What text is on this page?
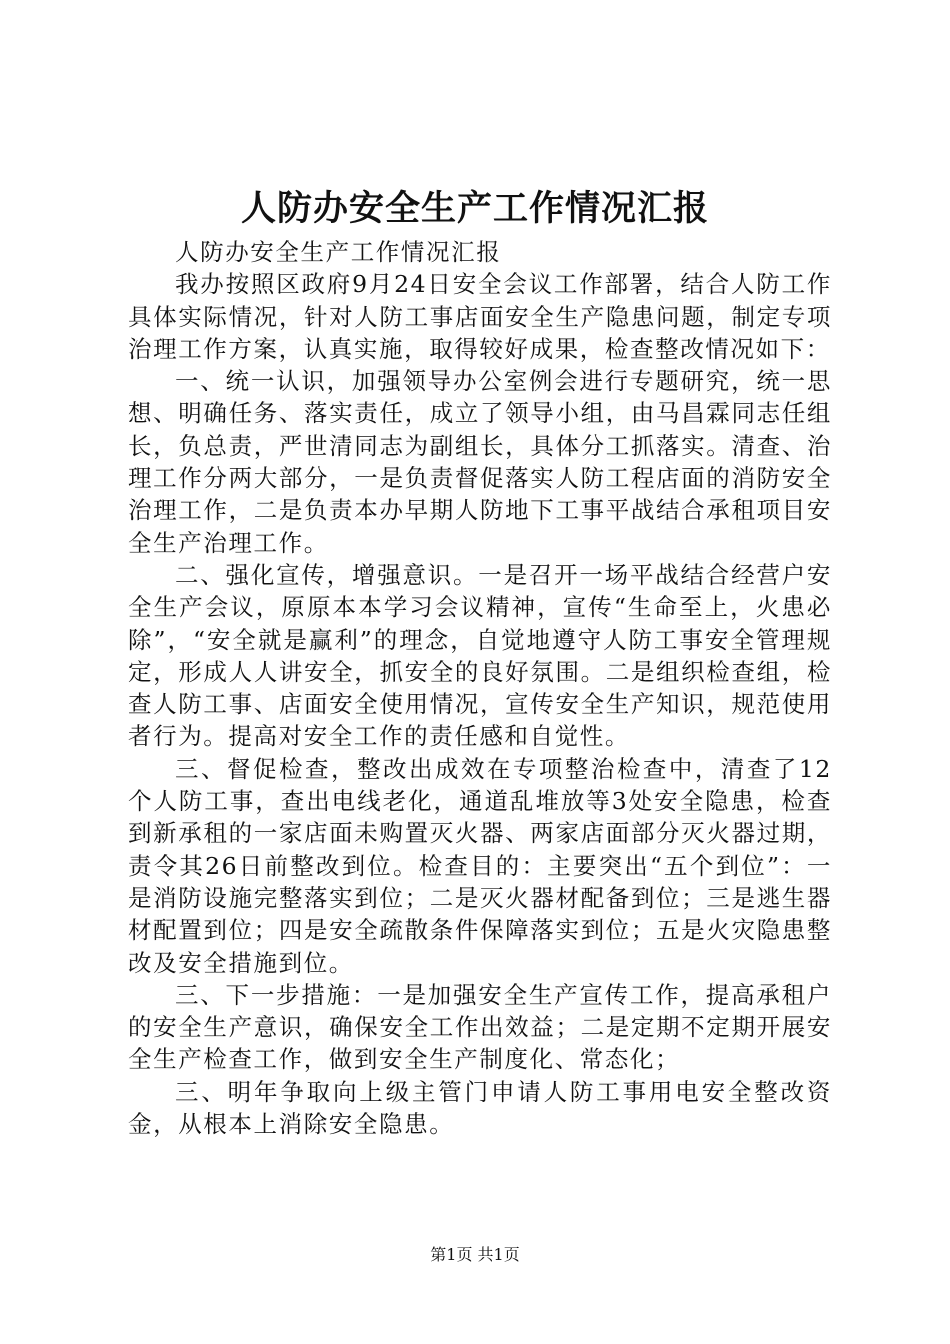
人防办安全生产工作情况汇报

人防办安全生产工作情况汇报

我办按照区政府9月24日安全会议工作部署，结合人防工作具体实际情况，针对人防工事店面安全生产隐患问题，制定专项治理工作方案，认真实施，取得较好成果，检查整改情况如下：

一、统一认识，加强领导办公室例会进行专题研究，统一思想、明确任务、落实责任，成立了领导小组，由马昌霖同志任组长，负总责，严世清同志为副组长，具体分工抓落实。清查、治理工作分两大部分，一是负责督促落实人防工程店面的消防安全治理工作，二是负责本办早期人防地下工事平战结合承租项目安全生产治理工作。

二、强化宣传，增强意识。一是召开一场平战结合经营户安全生产会议，原原本本学习会议精神，宣传“生命至上，火患必除”，“安全就是赢利”的理念，自觉地遵守人防工事安全管理规定，形成人人讲安全，抓安全的良好氛围。二是组织检查组，检查人防工事、店面安全使用情况，宣传安全生产知识，规范使用者行为。提高对安全工作的责任感和自觉性。

三、督促检查，整改出成效在专项整治检查中，清查了12个人防工事，查出电线老化，通道乱堆放等3处安全隐患，检查到新承租的一家店面未购置灭火器、两家店面部分灭火器过期，责令其26日前整改到位。检查目的：主要突出“五个到位”：一是消防设施完整落实到位；二是灭火器材配备到位；三是逃生器材配置到位；四是安全疏散条件保障落实到位；五是火灾隐患整改及安全措施到位。

三、下一步措施：一是加强安全生产宣传工作，提高承租户的安全生产意识，确保安全工作出效益；二是定期不定期开展安全生产检查工作，做到安全生产制度化、常态化；

三、明年争取向上级主管门申请人防工事用电安全整改资金，从根本上消除安全隐患。

第1页 共1页
